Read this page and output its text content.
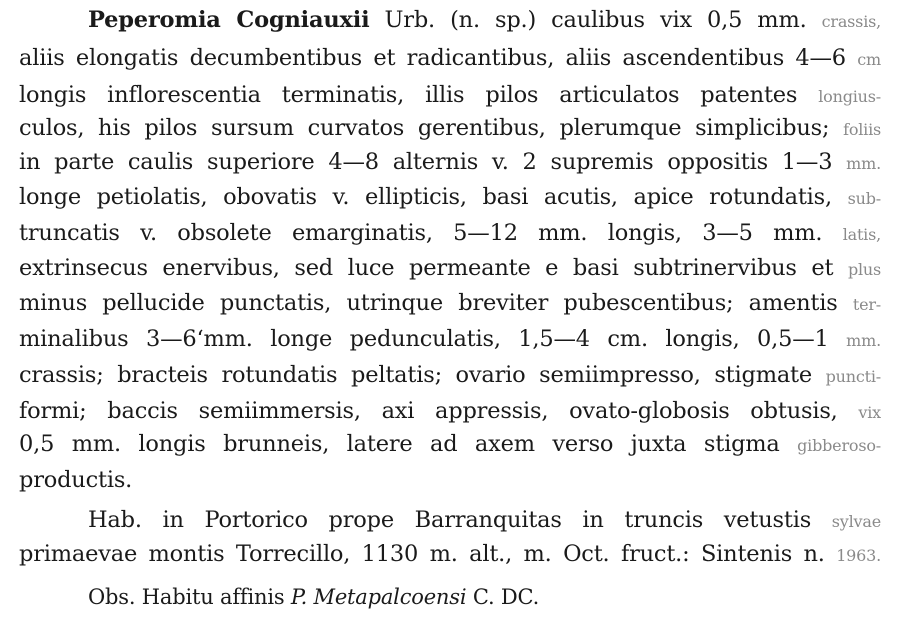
Peperomia Cogniauxii Urb. (n. sp.) caulibus vix 0,5 mm. crassis,
aliis elongatis decumbentibus et radicantibus, aliis ascendentibus 4—6 cm
longis inflorescentia terminatis, illis pilos articulatos patentes longius-
culos, his pilos sursum curvatos gerentibus, plerumque simplicibus; foliis
in parte caulis superiore 4—8 alternis v. 2 supremis oppositis 1—3 mm.
longe petiolatis, obovatis v. ellipticis, basi acutis, apice rotundatis, sub-
truncatis v. obsolete emarginatis, 5—12 mm. longis, 3—5 mm. latis,
extrinsecus enervibus, sed luce permeante e basi subtrinervibus et plus
minus pellucide punctatis, utrinque breviter pubescentibus; amentis ter-
minalibus 3—6‘mm. longe pedunculatis, 1,5—4 cm. longis, 0,5—1 mm.
crassis; bracteis rotundatis peltatis; ovario semiimpresso, stigmate puncti-
formi; baccis semiimmersis, axi appressis, ovato-globosis obtusis, vix
0,5 mm. longis brunneis, latere ad axem verso juxta stigma gibberoso-
productis.
Hab. in Portorico prope Barranquitas in truncis vetustis sylvae
primaevae montis Torrecillo, 1130 m. alt., m. Oct. fruct.: Sintenis n. 1963.
Obs. Habitu affinis P. Metapalcoensi C. DC.
